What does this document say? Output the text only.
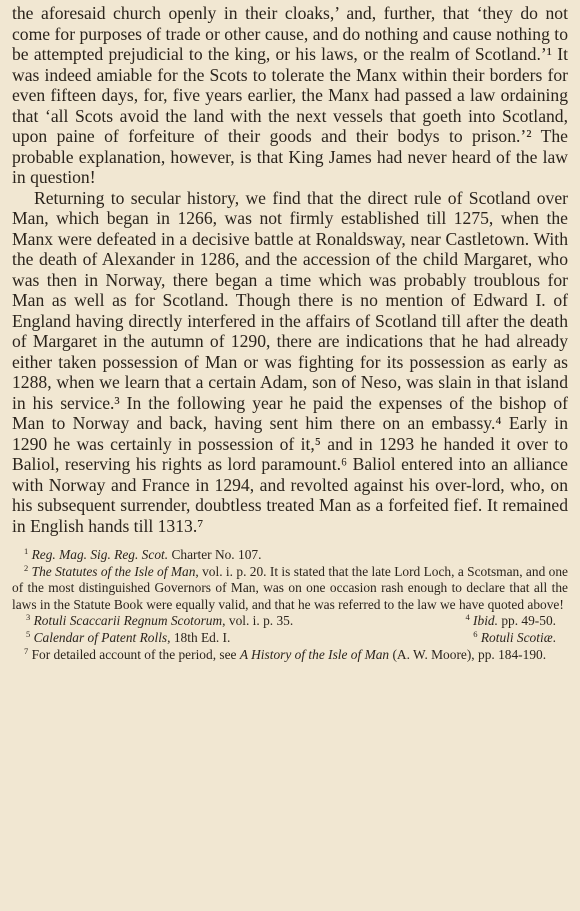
the aforesaid church openly in their cloaks,’ and, further, that ‘they do not come for purposes of trade or other cause, and do nothing and cause nothing to be attempted prejudicial to the king, or his laws, or the realm of Scotland.’¹ It was indeed amiable for the Scots to tolerate the Manx within their borders for even fifteen days, for, five years earlier, the Manx had passed a law ordaining that ‘all Scots avoid the land with the next vessels that goeth into Scotland, upon paine of forfeiture of their goods and their bodys to prison.’² The probable explanation, however, is that King James had never heard of the law in question!

Returning to secular history, we find that the direct rule of Scotland over Man, which began in 1266, was not firmly established till 1275, when the Manx were defeated in a decisive battle at Ronaldsway, near Castletown. With the death of Alexander in 1286, and the accession of the child Margaret, who was then in Norway, there began a time which was probably troublous for Man as well as for Scotland. Though there is no mention of Edward I. of England having directly interfered in the affairs of Scotland till after the death of Margaret in the autumn of 1290, there are indications that he had already either taken possession of Man or was fighting for its possession as early as 1288, when we learn that a certain Adam, son of Neso, was slain in that island in his service.³ In the following year he paid the expenses of the bishop of Man to Norway and back, having sent him there on an embassy.⁴ Early in 1290 he was certainly in possession of it,⁵ and in 1293 he handed it over to Baliol, reserving his rights as lord paramount.⁶ Baliol entered into an alliance with Norway and France in 1294, and revolted against his over-lord, who, on his subsequent surrender, doubtless treated Man as a forfeited fief. It remained in English hands till 1313.⁷

$^1$ Reg. Mag. Sig. Reg. Scot. Charter No. 107.

$^2$ The Statutes of the Isle of Man, vol. i. p. 20. It is stated that the late Lord Loch, a Scotsman, and one of the most distinguished Governors of Man, was on one occasion rash enough to declare that all the laws in the Statute Book were equally valid, and that he was referred to the law we have quoted above!

$^3$ Rotuli Scaccarii Regnum Scotorum, vol. i. p. 35.	$^4$ Ibid. pp. 49-50.

$^5$ Calendar of Patent Rolls, 18th Ed. I.	$^6$ Rotuli Scotiæ.

$^7$ For detailed account of the period, see A History of the Isle of Man (A. W. Moore), pp. 184-190.
